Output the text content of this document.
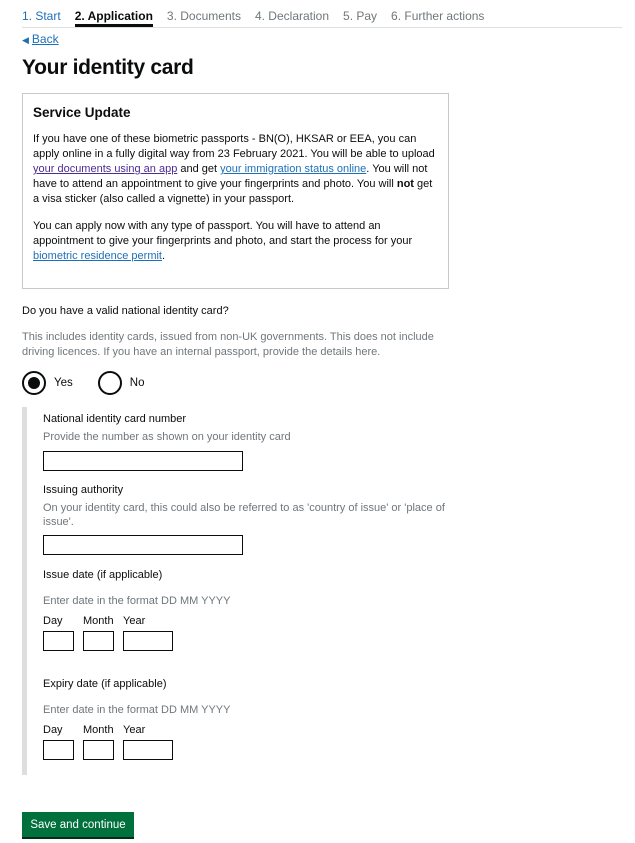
1. Start 2. Application 3. Documents 4. Declaration 5. Pay 6. Further actions
◀ Back
Your identity card
Service Update

If you have one of these biometric passports - BN(O), HKSAR or EEA, you can apply online in a fully digital way from 23 February 2021. You will be able to upload your documents using an app and get your immigration status online. You will not have to attend an appointment to give your fingerprints and photo. You will not get a visa sticker (also called a vignette) in your passport.

You can apply now with any type of passport. You will have to attend an appointment to give your fingerprints and photo, and start the process for your biometric residence permit.

Do you have a valid national identity card?
This includes identity cards, issued from non-UK governments. This does not include driving licences. If you have an internal passport, provide the details here.
Yes	No
National identity card number
Provide the number as shown on your identity card
Issuing authority
On your identity card, this could also be referred to as 'country of issue' or 'place of issue'.
Issue date (if applicable)
Enter date in the format DD MM YYYY
Day	Month Year
Expiry date (if applicable)
Enter date in the format DD MM YYYY
Day	Month Year
Save and continue
